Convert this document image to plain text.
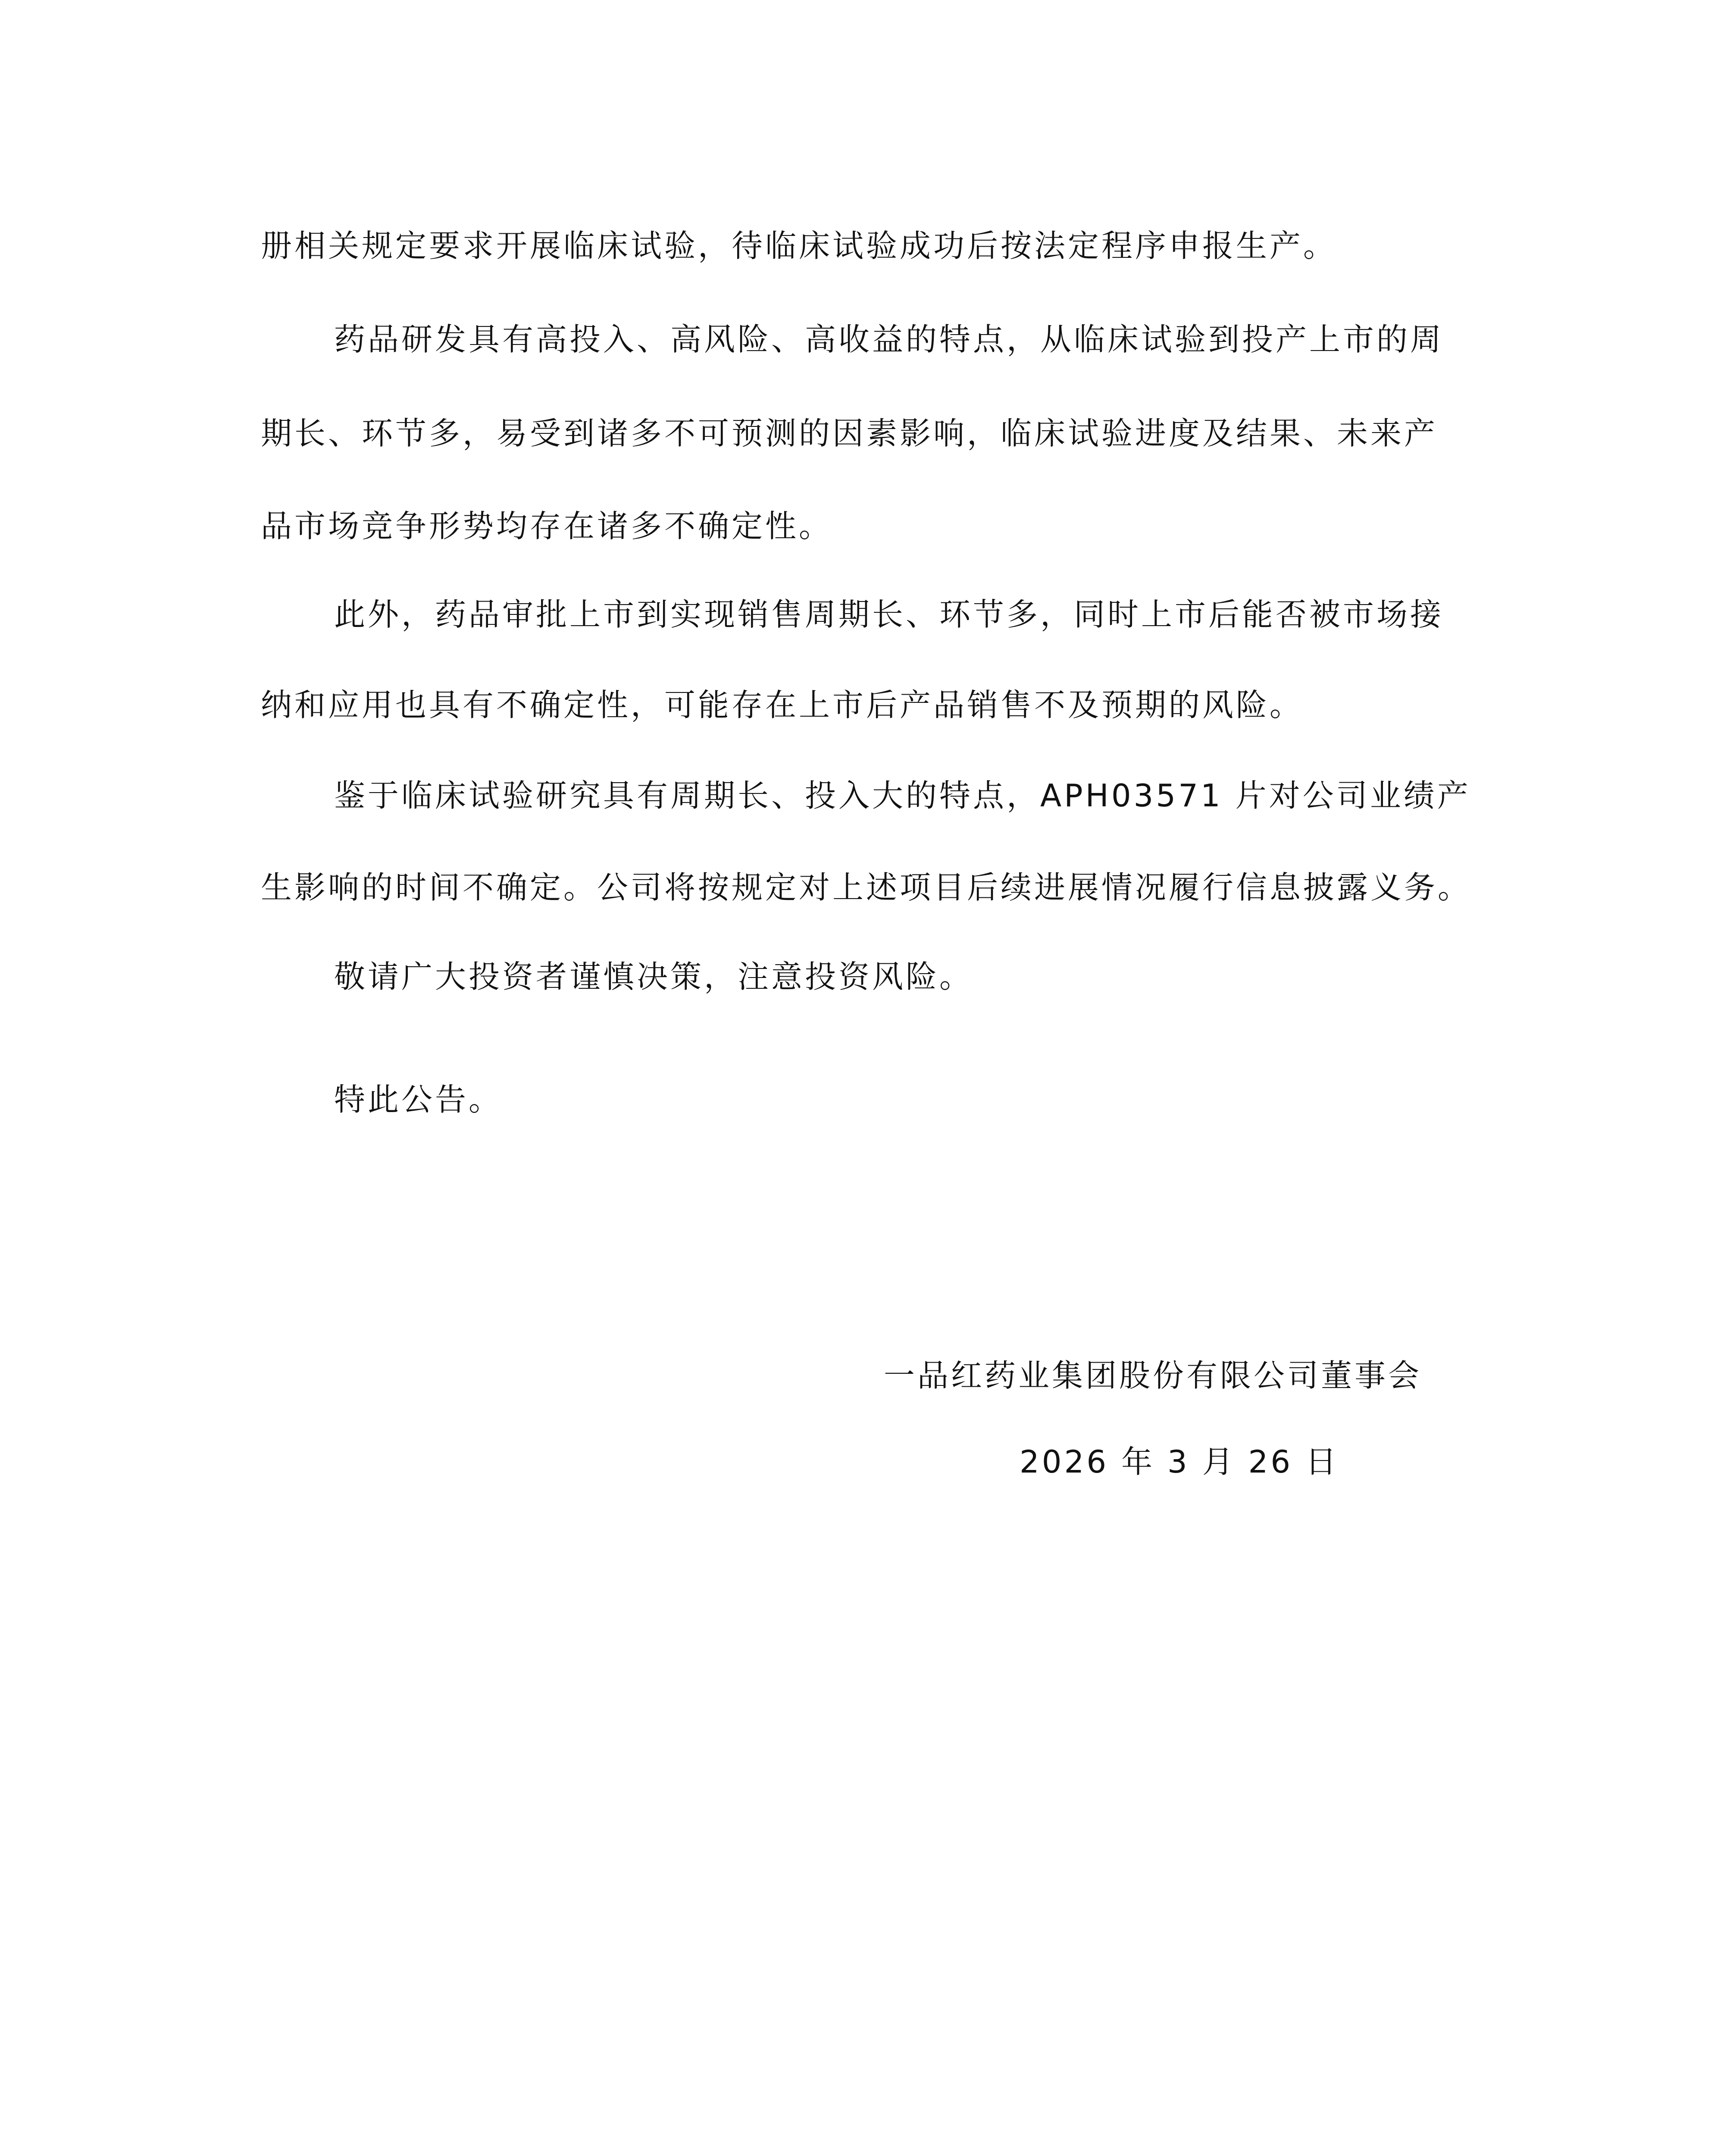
册相关规定要求开展临床试验，待临床试验成功后按法定程序申报生产。

药品研发具有高投入、高风险、高收益的特点，从临床试验到投产上市的周

期长、环节多，易受到诸多不可预测的因素影响，临床试验进度及结果、未来产

品市场竞争形势均存在诸多不确定性。

此外，药品审批上市到实现销售周期长、环节多，同时上市后能否被市场接

纳和应用也具有不确定性，可能存在上市后产品销售不及预期的风险。

鉴于临床试验研究具有周期长、投入大的特点，APH03571 片对公司业绩产

生影响的时间不确定。公司将按规定对上述项目后续进展情况履行信息披露义务。

敬请广大投资者谨慎决策，注意投资风险。

特此公告。

一品红药业集团股份有限公司董事会

2026 年 3 月 26 日
